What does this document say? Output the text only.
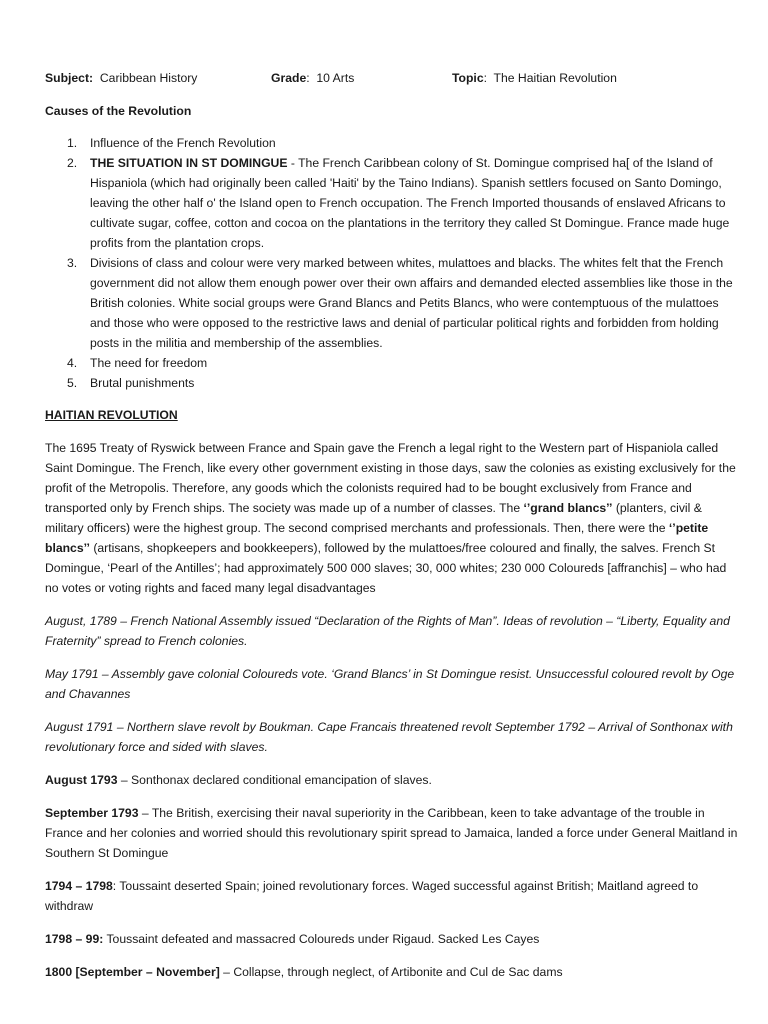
Subject: Caribbean History	Grade:  10 Arts	Topic:  The Haitian Revolution

Causes of the Revolution

1. Influence of the French Revolution
2. THE SITUATION IN ST DOMINGUE - The French Caribbean colony of St. Domingue comprised ha[ of the Island of Hispaniola (which had originally been called 'Haiti' by the Taino Indians). Spanish settlers focused on Santo Domingo, leaving the other half o' the Island open to French occupation. The French Imported thousands of enslaved Africans to cultivate sugar, coffee, cotton and cocoa on the plantations in the territory they called St Domingue. France made huge profits from the plantation crops.
3. Divisions of class and colour were very marked between whites, mulattoes and blacks. The whites felt that the French government did not allow them enough power over their own affairs and demanded elected assemblies like those in the British colonies. White social groups were Grand Blancs and Petits Blancs, who were contemptuous of the mulattoes and those who were opposed to the restrictive laws and denial of particular political rights and forbidden from holding posts in the militia and membership of the assemblies.
4. The need for freedom
5. Brutal punishments

HAITIAN REVOLUTION

The 1695 Treaty of Ryswick between France and Spain gave the French a legal right to the Western part of Hispaniola called Saint Domingue. The French, like every other government existing in those days, saw the colonies as existing exclusively for the profit of the Metropolis. Therefore, any goods which the colonists required had to be bought exclusively from France and transported only by French ships. The society was made up of a number of classes. The ‘’grand blancs’’ (planters, civil & military officers) were the highest group. The second comprised merchants and professionals. Then, there were the ‘’petite blancs’’ (artisans, shopkeepers and bookkeepers), followed by the mulattoes/free coloured and finally, the salves. French St Domingue, ‘Pearl of the Antilles’; had approximately 500 000 slaves; 30, 000 whites; 230 000 Coloureds [affranchis] – who had no votes or voting rights and faced many legal disadvantages

August, 1789 – French National Assembly issued “Declaration of the Rights of Man”. Ideas of revolution – “Liberty, Equality and Fraternity” spread to French colonies.

May 1791 – Assembly gave colonial Coloureds vote. ‘Grand Blancs’ in St Domingue resist. Unsuccessful coloured revolt by Oge and Chavannes

August 1791 – Northern slave revolt by Boukman. Cape Francais threatened revolt September 1792 – Arrival of Sonthonax with revolutionary force and sided with slaves.

August 1793 – Sonthonax declared conditional emancipation of slaves.

September 1793 – The British, exercising their naval superiority in the Caribbean, keen to take advantage of the trouble in France and her colonies and worried should this revolutionary spirit spread to Jamaica, landed a force under General Maitland in Southern St Domingue

1794 – 1798: Toussaint deserted Spain; joined revolutionary forces. Waged successful against British; Maitland agreed to withdraw

1798 – 99: Toussaint defeated and massacred Coloureds under Rigaud. Sacked Les Cayes

1800 [September – November] – Collapse, through neglect, of Artibonite and Cul de Sac dams
